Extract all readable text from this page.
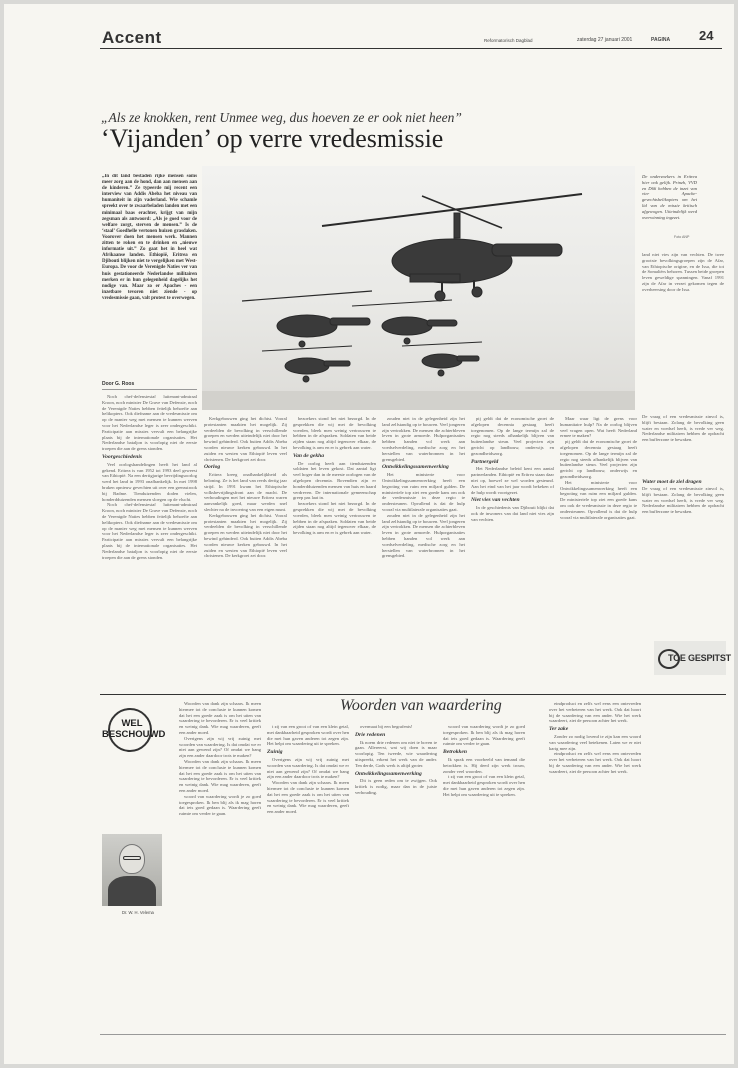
Accent	Reformatorisch Dagblad	zaterdag 27 januari 2001	PAGINA 24
„Als ze knokken, rent Unmee weg, dus hoeven ze er ook niet heen”
‘Vijanden’ op verre vredesmissie
„In dit land bestaden rijke mensen soms meer zorg aan de hond, dan aan mensen aan de kinderen.” Ze typeerde mij recent een interview van Addis Abeba het niveau van humaniteit in zijn vaderland. Wie schamle spreekt over te zwaarbeladen landen met een minimaal baas erachter, krijgt van mijn zegsman als antwoord: „Als je goed voor de welfare zorgt, sterven de mensen.” Is de ‘staal’ Goedhelle vertonen huizen grasdaken. Voorover doen het mensen werk. Mannen zitten te roken en te drinken en „nieuwe informatie uit.” Zo gaat het in heel wat Afrikaanse landen. Ethiopië, Eritrea en Djibouti blijken niet te vergelijken met West-Europa. De voor de Verenigde Naties ver van huis gestationeerde Nederlandse militairen merken er in hun gelegenheid dagelijks het nodige van. Maar zo er Apaches - een inzetbare tevoren niet ziende - op vredesmissie gaan, valt protest te overwegen.
Door G. Roos
De onderzoekers in Eritrea hier ook gelijk. Prinzh, VVD en D66 hebben de inzet van vier Apache-gevechtshelikopters om het lid van de missie kritisch afgewogen. Uiteindelijk werd overwinning ingezet.
Foto ANP
land niet vies zijn van vechten. De twee grootste bevolkingsgroepen zijn de Afar, van Ethiopische origine, en de Issa, die tot de Somaliërs behoren. Tussen beide groepen leven geweldige spanningen. Vanaf 1991 zijn de Afar in verzet gekomen tegen de overheersing door de Issa.
De vraag of een vredesmissie zinvol is, blijft bestaan. Zolang de bevolking geen water en voedsel heeft, is vrede ver weg. Nederlandse militairen hebben de opdracht een bufferzone te bewaken.
Water moet de ziel dragen
De vraag of een vredesmissie zinvol is, blijft bestaan. Zolang de bevolking geen water en voedsel heeft, is vrede ver weg. Nederlandse militairen hebben de opdracht een bufferzone te bewaken.
TOE GESPITST

Noch chef-defensiestaf luitenant-admiraal Kroon, noch minister De Grave van Defensie, noch de Verenigde Naties hebben feitelijk behoefte aan helikopters. Ook diefname aan de vredesmissie om op de manier weg met mensen te kunnen werven voor het Nederlandse leger is zeer ondergeschikt. Participatie aan missies vervult een belangrijke plaats bij de internationale organisaties. Het Nederlandse bataljon is voorlopig niet de eerste troepen die aan de grens stonden.

Voorgeschiedenis

Veel oorlogshandelingen heeft het land al gekend. Eritrea is van 1952 tot 1993 deel geweest van Ethiopië. Na een dertigjarige bevrijdingsoorlog werd het land in 1993 onafhankelijk. In mei 1998 braken opnieuw gevechten uit over een grensstrook bij Badme. Tienduizenden doden vielen, honderdduizenden mensen sloegen op de vlucht.

Noch chef-defensiestaf luitenant-admiraal Kroon, noch minister De Grave van Defensie, noch de Verenigde Naties hebben feitelijk behoefte aan helikopters. Ook diefname aan de vredesmissie om op de manier weg met mensen te kunnen werven voor het Nederlandse leger is zeer ondergeschikt. Participatie aan missies vervult een belangrijke plaats bij de internationale organisaties. Het Nederlandse bataljon is voorlopig niet de eerste troepen die aan de grens stonden.

Kerkgebouwen ging het dichtst. Vooral protestanten maakten het mogelijk. Zij verdeelden de bevolking in verschillende groepen en werden uiteindelijk niet door het bewind gehinderd. Ook buiten Addis Abeba worden nieuwe kerken gebouwd. In het zuiden en westen van Ethiopië leven veel christenen. De kerkgroei zet door.

Oorlog

Eritrea kreeg onafhankelijkheid als beloning. Ze is het land van reeds dertig jaar strijd. In 1991 kwam het Ethiopische volksbevrijdingsfront aan de macht. De verhoudingen met het nieuwe Eritrea waren aanvankelijk goed, maar werden snel slechter na de invoering van een eigen munt.

Kerkgebouwen ging het dichtst. Vooral protestanten maakten het mogelijk. Zij verdeelden de bevolking in verschillende groepen en werden uiteindelijk niet door het bewind gehinderd. Ook buiten Addis Abeba worden nieuwe kerken gebouwd. In het zuiden en westen van Ethiopië leven veel christenen. De kerkgroei zet door.

bezoekers stond het niet bezorgd. In de gesprekken die wij met de bevolking voerden, bleek men weinig vertrouwen te hebben in de afspraken. Soldaten van beide zijden staan nog altijd tegenover elkaar, de bevolking is arm en er is gebrek aan water.

Van de gekha

De oorlog heeft aan tienduizenden soldaten het leven gekost. Dat aantal ligt veel hoger dan in de meeste oorlogen van de afgelopen decennia. Bovendien zijn er honderdduizenden mensen van huis en haard verdreven. De internationale gemeenschap greep pas laat in.

bezoekers stond het niet bezorgd. In de gesprekken die wij met de bevolking voerden, bleek men weinig vertrouwen te hebben in de afspraken. Soldaten van beide zijden staan nog altijd tegenover elkaar, de bevolking is arm en er is gebrek aan water.

zouden niet in de gelegenheid zijn het land zelfstandig op te bouwen. Veel jongeren zijn vertrokken. De mensen die achterbleven leven in grote armoede. Hulporganisaties hebben handen vol werk aan voedselverdeling, medische zorg en het herstellen van waterbronnen in het grensgebied.

Ontwikkelingssamenwerking

Het ministerie voor Ontwikkelingssamenwerking heeft een begroting van ruim een miljard gulden. De ministeriele top ziet een goede kans om ook de vredesmissie in deze regio te ondersteunen. Opvallend is dat de hulp vooral via multilaterale organisaties gaat.

zouden niet in de gelegenheid zijn het land zelfstandig op te bouwen. Veel jongeren zijn vertrokken. De mensen die achterbleven leven in grote armoede. Hulporganisaties hebben handen vol werk aan voedselverdeling, medische zorg en het herstellen van waterbronnen in het grensgebied.

pij geldt dat de economische groei de afgelopen decennia gestaag heeft toegenomen. Op de lange termijn zal de regio nog steeds afhankelijk blijven van buitenlandse steun. Veel projecten zijn gericht op landbouw, onderwijs en gezondheidszorg.

Partnergeld

Het Nederlandse beleid kent een aantal partnerlanden. Ethiopië en Eritrea staan daar niet op, hoewel ze wel worden gesteund. Aan het eind van het jaar wordt bekeken of de hulp wordt voortgezet.

Niet vies van vechten

In de geschiedenis van Djibouti blijkt dat ook de inwoners van dat land niet vies zijn van vechten.

Maar waar ligt de grens voor humanitaire hulp? Na de oorlog blijven veel vragen open. Wat heeft Nederland ermee te maken?

pij geldt dat de economische groei de afgelopen decennia gestaag heeft toegenomen. Op de lange termijn zal de regio nog steeds afhankelijk blijven van buitenlandse steun. Veel projecten zijn gericht op landbouw, onderwijs en gezondheidszorg.

Het ministerie voor Ontwikkelingssamenwerking heeft een begroting van ruim een miljard gulden. De ministeriele top ziet een goede kans om ook de vredesmissie in deze regio te ondersteunen. Opvallend is dat de hulp vooral via multilaterale organisaties gaat.

WEL BESCHOUWD
Dr. W. H. Velema
Woorden van waardering

Woorden van dank zijn schaars. Ik meen hiermee tot de conclusie te kunnen komen dat het een goede zaak is om het uiten van waardering te bevorderen. Er is veel kritiek en weinig dank. Wie mag waarderen, geeft een ander moed.

Overigens zijn wij vrij zuinig met woorden van waardering. Is dat omdat we er niet aan gewend zijn? Of omdat we bang zijn een ander daardoor trots te maken?

Woorden van dank zijn schaars. Ik meen hiermee tot de conclusie te kunnen komen dat het een goede zaak is om het uiten van waardering te bevorderen. Er is veel kritiek en weinig dank. Wie mag waarderen, geeft een ander moed.

woord van waardering wordt je zo goed toegesproken. Ik ben blij als ik mag horen dat iets goed gedaan is. Waardering geeft ruimte om verder te gaan.

t zij van een groot of van een klein getal, met dankbaarheid gesproken wordt over hen die met hun gaven anderen tot zegen zijn. Het helpt om waardering uit te spreken.

Zuinig

Overigens zijn wij vrij zuinig met woorden van waardering. Is dat omdat we er niet aan gewend zijn? Of omdat we bang zijn een ander daardoor trots te maken?

Woorden van dank zijn schaars. Ik meen hiermee tot de conclusie te kunnen komen dat het een goede zaak is om het uiten van waardering te bevorderen. Er is veel kritiek en weinig dank. Wie mag waarderen, geeft een ander moed.

overmaat bij een begrafenis!

Drie redenen

Ik noem drie redenen om niet te boven te gaan. Allereerst, wat wij doen is maar voorlopig. Ten tweede, wie waardering uitspreekt, erkent het werk van de ander. Ten derde, Gods werk is altijd groter.

Ontwikkelingssamenwerking

Dit is geen reden om te zwijgen. Ook kritiek is nodig, maar dan in de juiste verhouding.

woord van waardering wordt je zo goed toegesproken. Ik ben blij als ik mag horen dat iets goed gedaan is. Waardering geeft ruimte om verder te gaan.

Betrokken

Ik sprak een voorbeeld van iemand die betrokken is. Hij deed zijn werk trouw, zonder veel woorden.

t zij van een groot of van een klein getal, met dankbaarheid gesproken wordt over hen die met hun gaven anderen tot zegen zijn. Het helpt om waardering uit te spreken.

eindproduct en zelfs wel eens een ontevreden over het verbeteren van het werk. Ook dat hoort bij de waardering van een ander. Wie het werk waardeert, ziet de persoon achter het werk.

Ter zake

Zonder zo nodig lovend te zijn kan een woord van waardering veel betekenen. Laten we er niet karig mee zijn.

eindproduct en zelfs wel eens een ontevreden over het verbeteren van het werk. Ook dat hoort bij de waardering van een ander. Wie het werk waardeert, ziet de persoon achter het werk.
